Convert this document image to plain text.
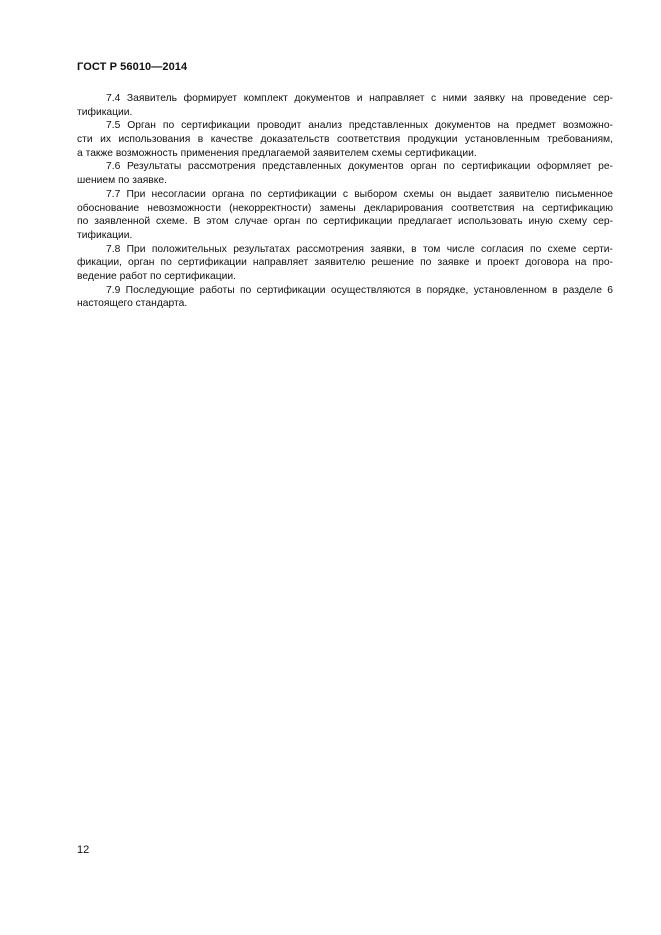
ГОСТ Р 56010—2014
7.4 Заявитель формирует комплект документов и направляет с ними заявку на проведение сер-
тификации.
7.5 Орган по сертификации проводит анализ представленных документов на предмет возможно-
сти их использования в качестве доказательств соответствия продукции установленным требованиям,
а также возможность применения предлагаемой заявителем схемы сертификации.
7.6 Результаты рассмотрения представленных документов орган по сертификации оформляет ре-
шением по заявке.
7.7 При несогласии органа по сертификации с выбором схемы он выдает заявителю письменное
обоснование невозможности (некорректности) замены декларирования соответствия на сертификацию
по заявленной схеме. В этом случае орган по сертификации предлагает использовать иную схему сер-
тификации.
7.8 При положительных результатах рассмотрения заявки, в том числе согласия по схеме серти-
фикации, орган по сертификации направляет заявителю решение по заявке и проект договора на про-
ведение работ по сертификации.
7.9 Последующие работы по сертификации осуществляются в порядке, установленном в разделе 6
настоящего стандарта.
12
